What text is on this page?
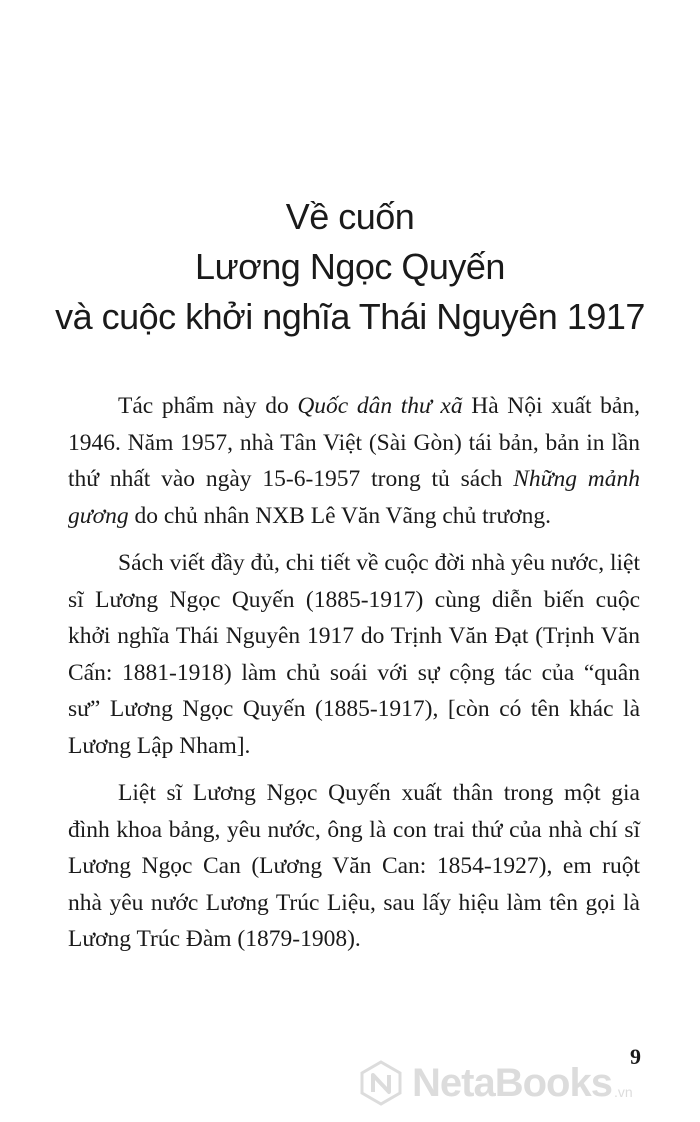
Về cuốn
Lương Ngọc Quyến
và cuộc khởi nghĩa Thái Nguyên 1917

Tác phẩm này do Quốc dân thư xã Hà Nội xuất bản, 1946. Năm 1957, nhà Tân Việt (Sài Gòn) tái bản, bản in lần thứ nhất vào ngày 15-6-1957 trong tủ sách Những mảnh gương do chủ nhân NXB Lê Văn Vãng chủ trương.

Sách viết đầy đủ, chi tiết về cuộc đời nhà yêu nước, liệt sĩ Lương Ngọc Quyến (1885-1917) cùng diễn biến cuộc khởi nghĩa Thái Nguyên 1917 do Trịnh Văn Đạt (Trịnh Văn Cấn: 1881-1918) làm chủ soái với sự cộng tác của “quân sư” Lương Ngọc Quyến (1885-1917), [còn có tên khác là Lương Lập Nham].

Liệt sĩ Lương Ngọc Quyến xuất thân trong một gia đình khoa bảng, yêu nước, ông là con trai thứ của nhà chí sĩ Lương Ngọc Can (Lương Văn Can: 1854-1927), em ruột nhà yêu nước Lương Trúc Liệu, sau lấy hiệu làm tên gọi là Lương Trúc Đàm (1879-1908).

9
NetaBooks .vn
